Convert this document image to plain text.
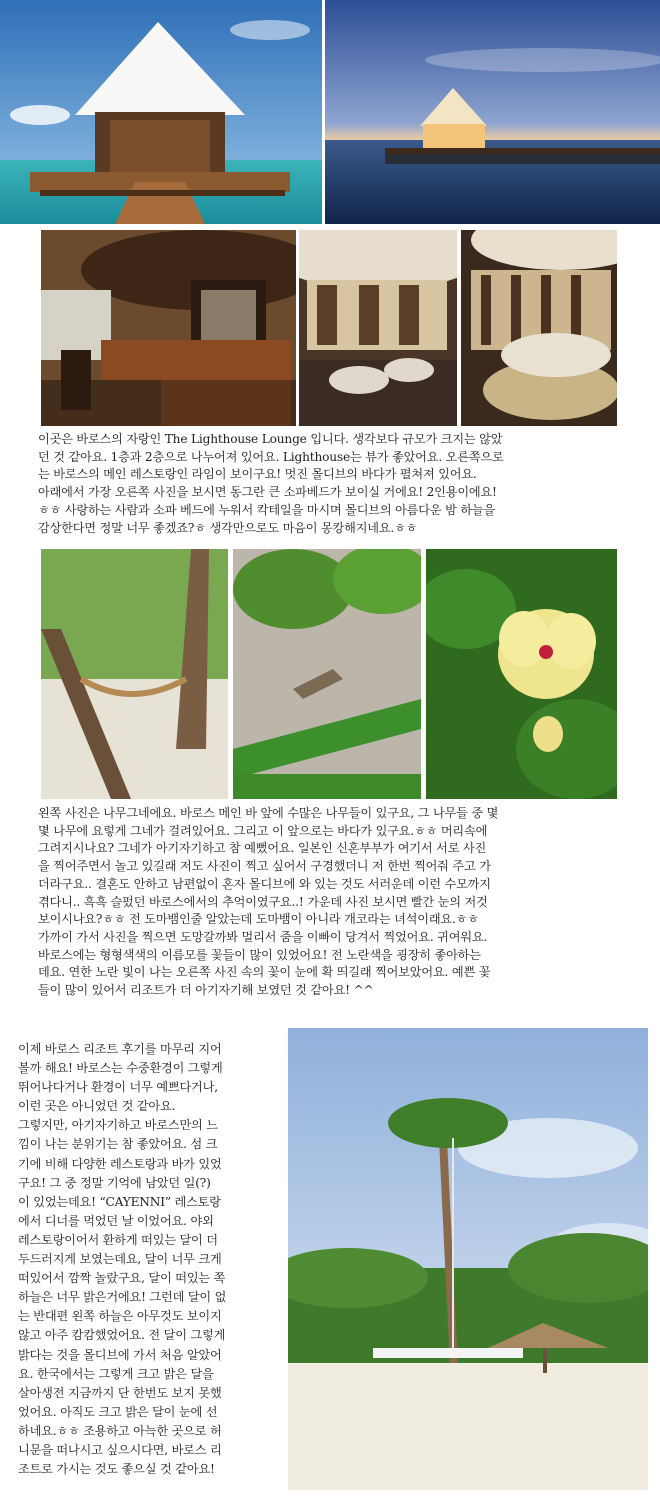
이곳은 바로스의 자랑인 The Lighthouse Lounge 입니다. 생각보다 규모가 크지는 않았
던 것 같아요. 1층과 2층으로 나누어져 있어요. Lighthouse는 뷰가 좋았어요. 오른쪽으로
는 바로스의 메인 레스토랑인 라임이 보이구요! 멋진 몰디브의 바다가 펼쳐져 있어요.
아래에서 가장 오른쪽 사진을 보시면 동그란 큰 소파베드가 보이실 거에요! 2인용이에요!
ㅎㅎ 사랑하는 사람과 소파 베드에 누워서 칵테일을 마시며 몰디브의 아름다운 밤 하늘을
감상한다면 정말 너무 좋겠죠?ㅎ 생각만으로도 마음이 몽캉해지네요.ㅎㅎ

왼쪽 사진은 나무그네에요. 바로스 메인 바 앞에 수많은 나무들이 있구요, 그 나무들 중 몇
몇 나무에 요렇게 그네가 걸려있어요. 그리고 이 앞으로는 바다가 있구요.ㅎㅎ 머리속에
그려지시나요? 그네가 아기자기하고 참 예뻤어요. 일본인 신혼부부가 여기서 서로 사진
을 찍어주면서 놀고 있길래 저도 사진이 찍고 싶어서 구경했더니 저 한번 찍어줘 주고 가
더라구요.. 결혼도 안하고 남편없이 혼자 몰디브에 와 있는 것도 서러운데 이런 수모까지
겪다니.. 흑흑 슬펐던 바로스에서의 추억이였구요..! 가운데 사진 보시면 빨간 눈의 저것
보이시나요?ㅎㅎ 전 도마뱀인줄 알았는데 도마뱀이 아니라 개코라는 녀석이래요.ㅎㅎ
가까이 가서 사진을 찍으면 도망갈까봐 멀리서 줌을 이빠이 당겨서 찍었어요. 귀여워요.
바로스에는 형형색색의 이름모를 꽃들이 많이 있었어요! 전 노란색을 굉장히 좋아하는
데요. 연한 노란 빛이 나는 오른쪽 사진 속의 꽃이 눈에 확 띄길래 찍어보았어요. 예쁜 꽃
들이 많이 있어서 리조트가 더 아기자기해 보였던 것 같아요! ^^

이제 바로스 리조트 후기를 마무리 지어
볼까 해요! 바로스는 수중환경이 그렇게
뛰어나다거나 환경이 너무 예쁘다거나,
이런 곳은 아니었던 것 같아요.
그렇지만, 아기자기하고 바로스만의 느
낌이 나는 분위기는 참 좋았어요. 섬 크
기에 비해 다양한 레스토랑과 바가 있었
구요! 그 중 정말 기억에 남았던 일(?)
이 있었는데요! “CAYENNI” 레스토랑
에서 디너를 먹었던 날 이었어요. 야외
레스토랑이어서 환하게 떠있는 달이 더
두드러지게 보였는데요, 달이 너무 크게
떠있어서 깜짝 놀랐구요, 달이 떠있는 쪽
하늘은 너무 밝은거에요! 그런데 달이 없
는 반대편 왼쪽 하늘은 아무것도 보이지
않고 아주 캄캄했었어요. 전 달이 그렇게
밝다는 것을 몰디브에 가서 처음 알았어
요. 한국에서는 그렇게 크고 밝은 달을
살아생전 지금까지 단 한번도 보지 못했
었어요. 아직도 크고 밝은 달이 눈에 선
하네요.ㅎㅎ 조용하고 아늑한 곳으로 허
니문을 떠나시고 싶으시다면, 바로스 리
조트로 가시는 것도 좋으실 것 같아요!
